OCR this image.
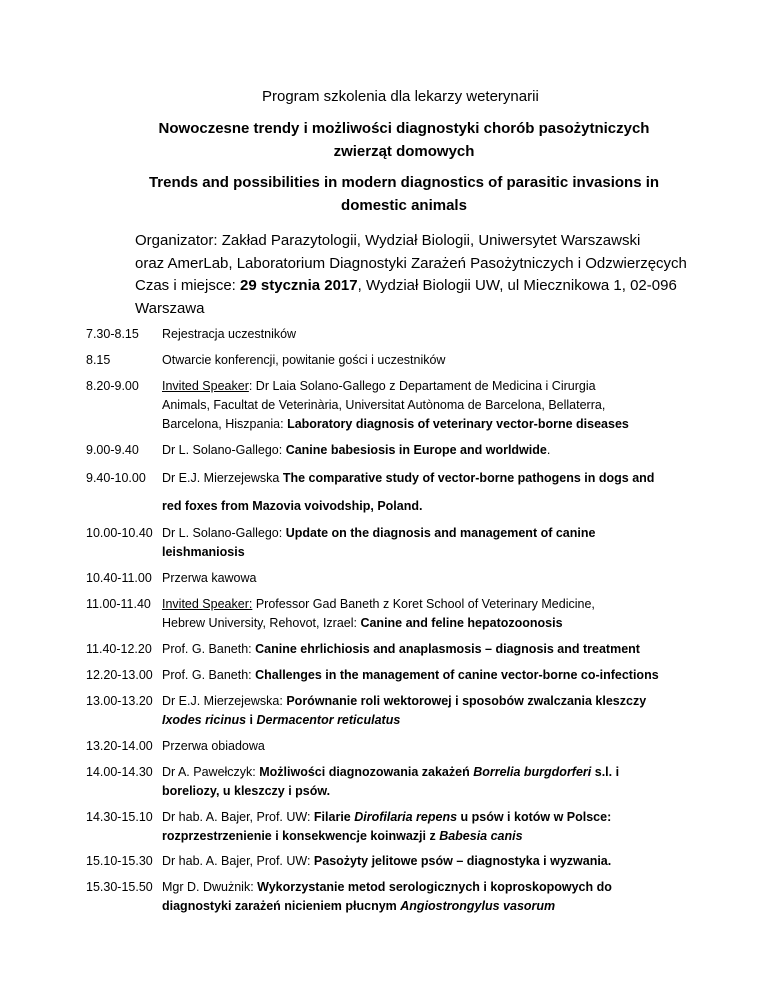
Program szkolenia dla lekarzy weterynarii
Nowoczesne trendy i możliwości diagnostyki chorób pasożytniczych
zwierząt domowych
Trends and possibilities in modern diagnostics of parasitic invasions in
domestic animals
Organizator: Zakład Parazytologii, Wydział Biologii, Uniwersytet Warszawski
oraz AmerLab, Laboratorium Diagnostyki Zarażeń Pasożytniczych i Odzwierzęcych
Czas i miejsce: 29 stycznia 2017, Wydział Biologii UW, ul Miecznikowa 1, 02-096
Warszawa
7.30-8.15	Rejestracja uczestników
8.15	Otwarcie konferencji, powitanie gości i uczestników
8.20-9.00	Invited Speaker: Dr Laia Solano-Gallego z Departament de Medicina i Cirurgia
Animals, Facultat de Veterinària, Universitat Autònoma de Barcelona, Bellaterra,
Barcelona, Hiszpania: Laboratory diagnosis of veterinary vector-borne diseases
9.00-9.40	Dr L. Solano-Gallego: Canine babesiosis in Europe and worldwide.
9.40-10.00	Dr E.J. Mierzejewska The comparative study of vector-borne pathogens in dogs and
red foxes from Mazovia voivodship, Poland.
10.00-10.40 Dr L. Solano-Gallego: Update on the diagnosis and management of canine
leishmaniosis
10.40-11.00 Przerwa kawowa
11.00-11.40 Invited Speaker: Professor Gad Baneth z Koret School of Veterinary Medicine,
Hebrew University, Rehovot, Izrael: Canine and feline hepatozoonosis
11.40-12.20 Prof. G. Baneth: Canine ehrlichiosis and anaplasmosis – diagnosis and treatment
12.20-13.00 Prof. G. Baneth: Challenges in the management of canine vector-borne co-infections
13.00-13.20 Dr E.J. Mierzejewska: Porównanie roli wektorowej i sposobów zwalczania kleszczy
Ixodes ricinus i Dermacentor reticulatus
13.20-14.00 Przerwa obiadowa
14.00-14.30 Dr A. Pawełczyk: Możliwości diagnozowania zakażeń Borrelia burgdorferi s.l. i
boreliozy, u kleszczy i psów.
14.30-15.10 Dr hab. A. Bajer, Prof. UW: Filarie Dirofilaria repens u psów i kotów w Polsce:
rozprzestrzenienie i konsekwencje koinwazji z Babesia canis
15.10-15.30 Dr hab. A. Bajer, Prof. UW: Pasożyty jelitowe psów – diagnostyka i wyzwania.
15.30-15.50 Mgr D. Dwużnik: Wykorzystanie metod serologicznych i koproskopowych do
diagnostyki zarażeń nicieniem płucnym Angiostrongylus vasorum
